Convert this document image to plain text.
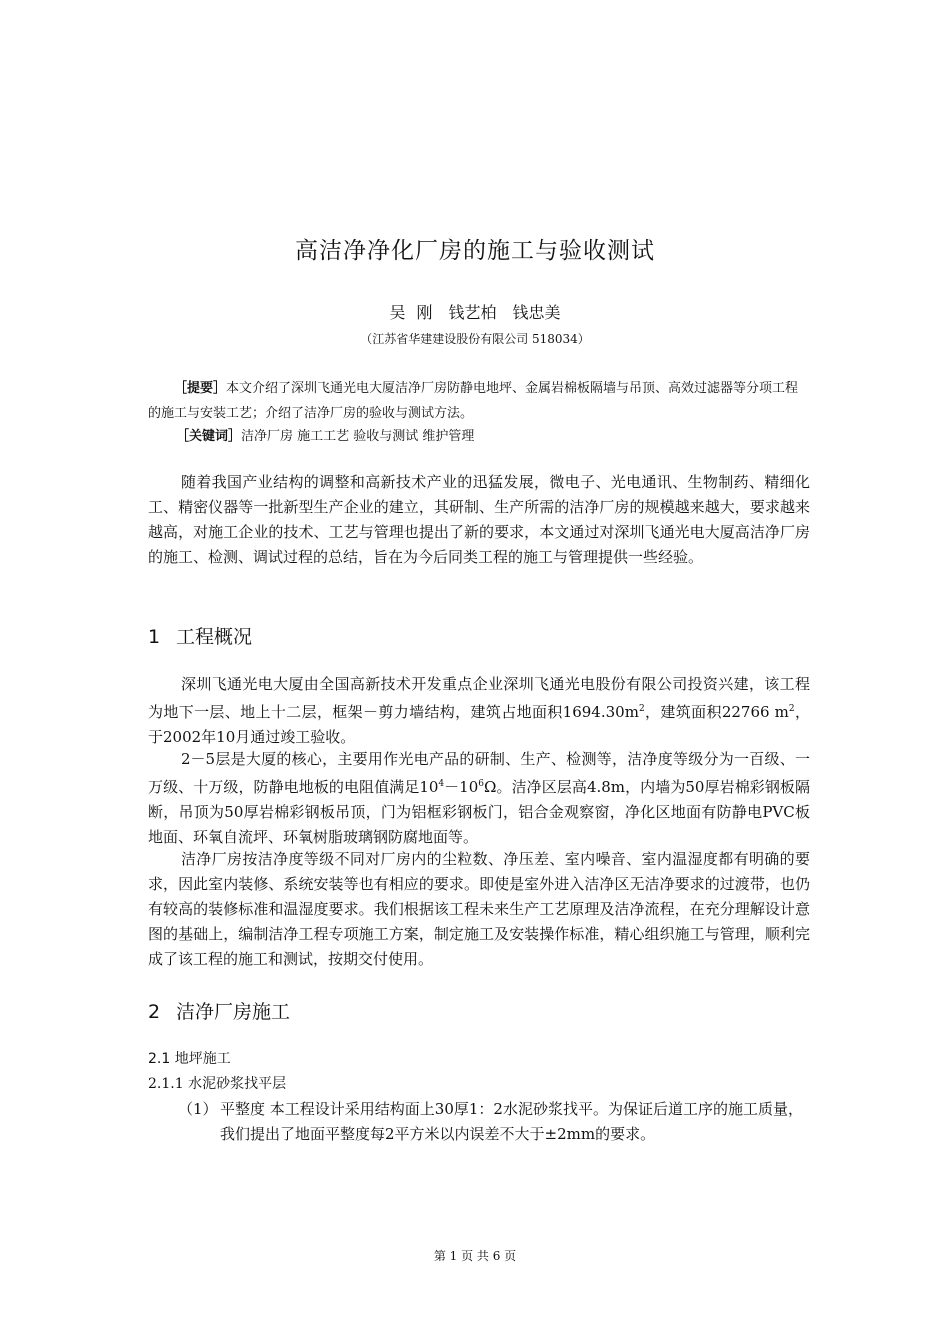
高洁净净化厂房的施工与验收测试
吴 刚　钱艺柏　钱忠美
（江苏省华建建设股份有限公司 518034）
［提要］本文介绍了深圳飞通光电大厦洁净厂房防静电地坪、金属岩棉板隔墙与吊顶、高效过滤器等分项工程的施工与安装工艺；介绍了洁净厂房的验收与测试方法。
［关键词］洁净厂房 施工工艺 验收与测试 维护管理
随着我国产业结构的调整和高新技术产业的迅猛发展，微电子、光电通讯、生物制药、精细化工、精密仪器等一批新型生产企业的建立，其研制、生产所需的洁净厂房的规模越来越大，要求越来越高，对施工企业的技术、工艺与管理也提出了新的要求，本文通过对深圳飞通光电大厦高洁净厂房的施工、检测、调试过程的总结，旨在为今后同类工程的施工与管理提供一些经验。
1 工程概况
深圳飞通光电大厦由全国高新技术开发重点企业深圳飞通光电股份有限公司投资兴建，该工程为地下一层、地上十二层，框架－剪力墙结构，建筑占地面积$1694.30m^2$，建筑面积22766 $m^2$，于2002年10月通过竣工验收。
2－5层是大厦的核心，主要用作光电产品的研制、生产、检测等，洁净度等级分为一百级、一万级、十万级，防静电地板的电阻值满足$10^4-10^6\Omega$。洁净区层高4.8m，内墙为50厚岩棉彩钢板隔断，吊顶为50厚岩棉彩钢板吊顶，门为铝框彩钢板门，铝合金观察窗，净化区地面有防静电PVC板地面、环氧自流坪、环氧树脂玻璃钢防腐地面等。
洁净厂房按洁净度等级不同对厂房内的尘粒数、净压差、室内噪音、室内温湿度都有明确的要求，因此室内装修、系统安装等也有相应的要求。即使是室外进入洁净区无洁净要求的过渡带，也仍有较高的装修标准和温湿度要求。我们根据该工程未来生产工艺原理及洁净流程，在充分理解设计意图的基础上，编制洁净工程专项施工方案，制定施工及安装操作标准，精心组织施工与管理，顺利完成了该工程的施工和测试，按期交付使用。
2 洁净厂房施工
2.1 地坪施工
2.1.1 水泥砂浆找平层
（1） 平整度 本工程设计采用结构面上30厚1：2水泥砂浆找平。为保证后道工序的施工质量，我们提出了地面平整度每2平方米以内误差不大于±2mm的要求。
第 1 页 共 6 页
